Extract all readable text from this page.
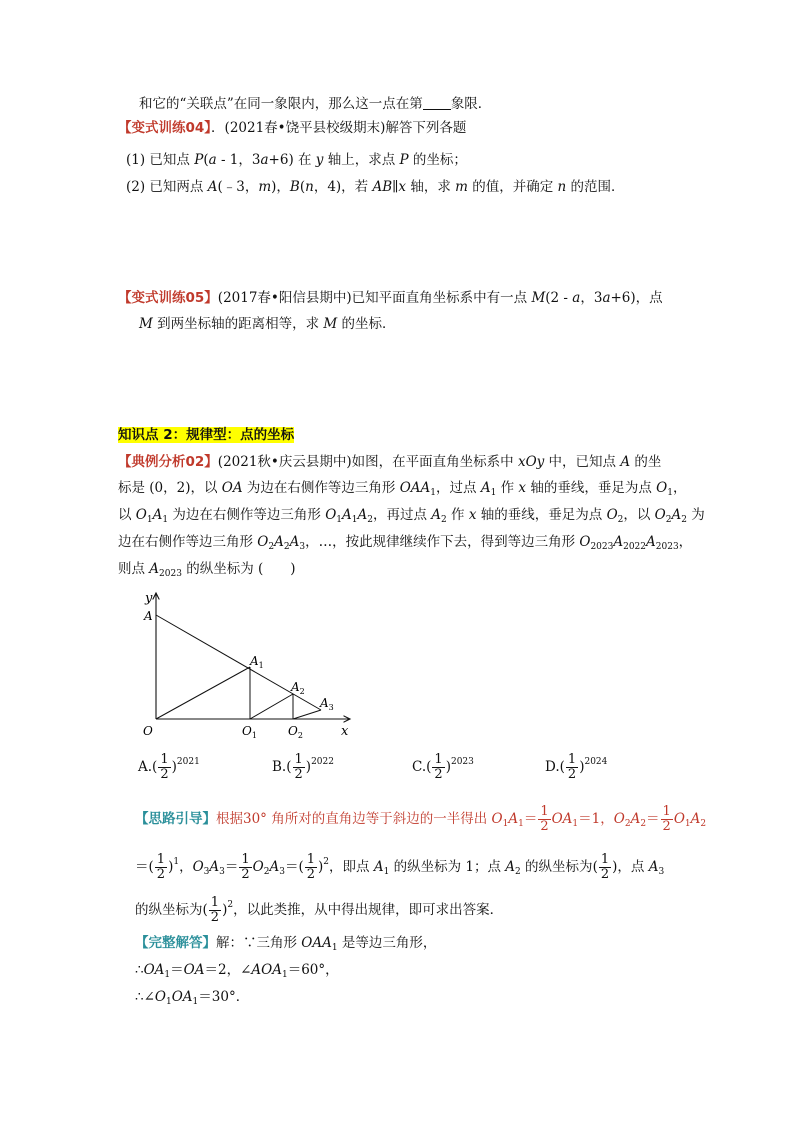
和它的“关联点”在同一象限内，那么这一点在第 象限．
【变式训练04】．(2021春•饶平县校级期末)解答下列各题
(1) 已知点 P(a - 1，3a+6) 在 y 轴上，求点 P 的坐标；
(2) 已知两点 A(﹣3，m)，B(n，4)，若 AB∥x 轴，求 m 的值，并确定 n 的范围．
【变式训练05】(2017春•阳信县期中)已知平面直角坐标系中有一点 M(2 - a，3a+6)，点
M 到两坐标轴的距离相等，求 M 的坐标．
知识点 2：规律型：点的坐标
【典例分析02】(2021秋•庆云县期中)如图，在平面直角坐标系中 xOy 中，已知点 A 的坐
标是 (0，2)，以 OA 为边在右侧作等边三角形 $OAA_1$，过点 $A_1$ 作 x 轴的垂线，垂足为点 $O_1$，
以 $O_1A_1$ 为边在右侧作等边三角形 $O_1A_1A_2$，再过点 $A_2$ 作 x 轴的垂线，垂足为点 $O_2$，以 $O_2A_2$ 为
边在右侧作等边三角形 $O_2A_2A_3$，…，按此规律继续作下去，得到等边三角形 $O_{2023}A_{2022}A_{2023}$，
则点 $A_{2023}$ 的纵坐标为 (　　)
y
x
A
$A_1$
$A_2$
$A_3$
O	$O_1$	$O_2$
$A.( \frac{1}{2} )^{2021}$	$B.( \frac{1}{2} )^{2022}$	$C.( \frac{1}{2} )^{2023}$	$D.( \frac{1}{2} )^{2024}$
【思路引导】根据30° 角所对的直角边等于斜边的一半得出 $O_1A_1= \frac{1}{2} OA_1=1$，$O_2A_2= \frac{1}{2} O_1A_2$
＝( $\frac{1}{2} )^1$，$O_3A_3= \frac{1}{2} O_2A_3=( \frac{1}{2} )^2$，即点 $A_1$ 的纵坐标为 1；点 $A_2$ 的纵坐标为( $\frac{1}{2}$ )，点 $A_3$
的纵坐标为( $\frac{1}{2} )^2$，以此类推，从中得出规律，即可求出答案．
【完整解答】解：∵三角形 $OAA_1$ 是等边三角形，
$\therefore OA_1=OA=2$，$\angle AOA_1=60^\circ$，
$\therefore\angle O_1OA_1=30^\circ$．
